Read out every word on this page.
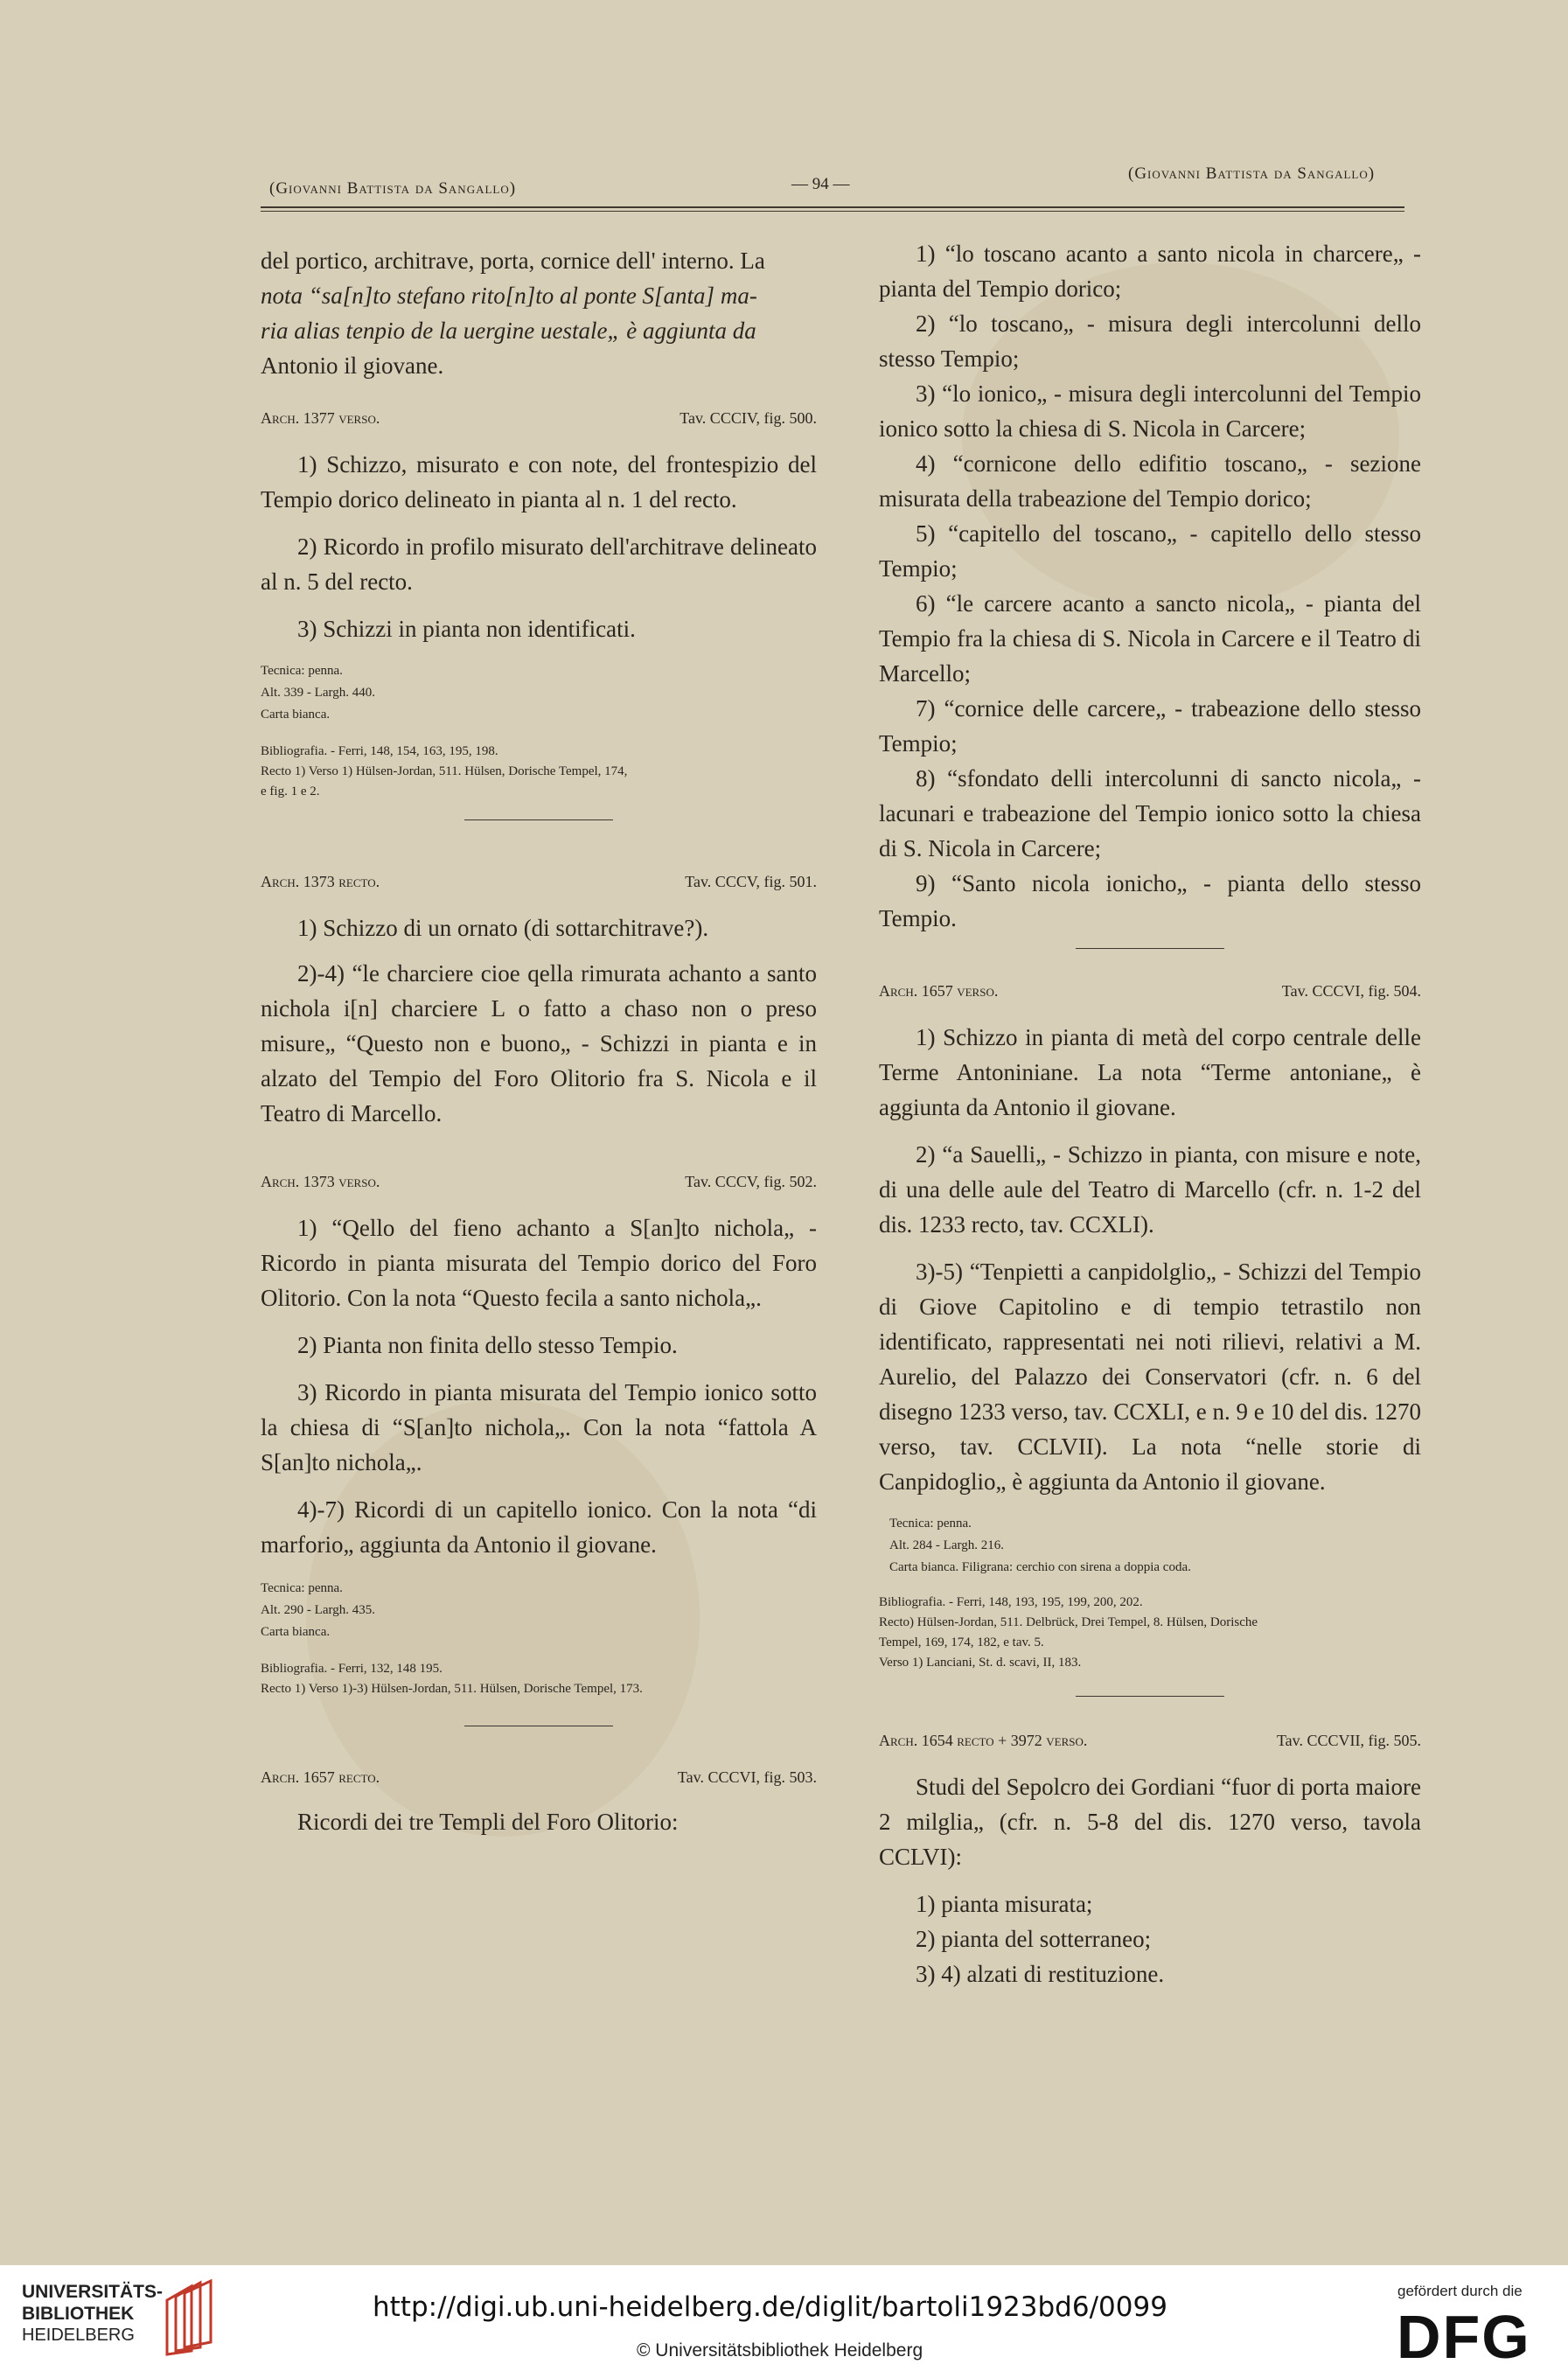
(Giovanni Battista da Sangallo)	— 94 —
(Giovanni Battista da Sangallo)

del portico, architrave, porta, cornice dell' interno. La

nota “sa[n]to stefano rito[n]to al ponte S[anta] ma-

ria alias tenpio de la uergine uestale„ è aggiunta da

Antonio il giovane.

Arch. 1377 verso.	Tav. CCCIV, fig. 500.

1) Schizzo, misurato e con note, del frontespizio del Tempio dorico delineato in pianta al n. 1 del recto.

2) Ricordo in profilo misurato dell'architrave delineato al n. 5 del recto.

3) Schizzi in pianta non identificati.

Tecnica: penna.

Alt. 339 - Largh. 440.

Carta bianca.

Bibliografia. - Ferri, 148, 154, 163, 195, 198.

Recto 1) Verso 1) Hülsen-Jordan, 511. Hülsen, Dorische Tempel, 174,

e fig. 1 e 2.

Arch. 1373 recto.	Tav. CCCV, fig. 501.

1) Schizzo di un ornato (di sottarchitrave?).

2)-4) “le charciere cioe qella rimurata achanto a santo nichola i[n] charciere L o fatto a chaso non o preso misure„ “Questo non e buono„ - Schizzi in pianta e in alzato del Tempio del Foro Olitorio fra S. Nicola e il Teatro di Marcello.

Arch. 1373 verso.	Tav. CCCV, fig. 502.

1) “Qello del fieno achanto a S[an]to nichola„ - Ricordo in pianta misurata del Tempio dorico del Foro Olitorio. Con la nota “Questo fecila a santo nichola„.

2) Pianta non finita dello stesso Tempio.

3) Ricordo in pianta misurata del Tempio ionico sotto la chiesa di “S[an]to nichola„. Con la nota “fattola A S[an]to nichola„.

4)-7) Ricordi di un capitello ionico. Con la nota “di marforio„ aggiunta da Antonio il giovane.

Tecnica: penna.

Alt. 290 - Largh. 435.

Carta bianca.

Bibliografia. - Ferri, 132, 148 195.

Recto 1) Verso 1)-3) Hülsen-Jordan, 511. Hülsen, Dorische Tempel, 173.

Arch. 1657 recto.	Tav. CCCVI, fig. 503.

Ricordi dei tre Templi del Foro Olitorio:

1) “lo toscano acanto a santo nicola in charcere„ - pianta del Tempio dorico;

2) “lo toscano„ - misura degli intercolunni dello stesso Tempio;

3) “lo ionico„ - misura degli intercolunni del Tempio ionico sotto la chiesa di S. Nicola in Carcere;

4) “cornicone dello edifitio toscano„ - sezione misurata della trabeazione del Tempio dorico;

5) “capitello del toscano„ - capitello dello stesso Tempio;

6) “le carcere acanto a sancto nicola„ - pianta del Tempio fra la chiesa di S. Nicola in Carcere e il Teatro di Marcello;

7) “cornice delle carcere„ - trabeazione dello stesso Tempio;

8) “sfondato delli intercolunni di sancto nicola„ - lacunari e trabeazione del Tempio ionico sotto la chiesa di S. Nicola in Carcere;

9) “Santo nicola ionicho„ - pianta dello stesso Tempio.

Arch. 1657 verso.	Tav. CCCVI, fig. 504.

1) Schizzo in pianta di metà del corpo centrale delle Terme Antoniniane. La nota “Terme antoniane„ è aggiunta da Antonio il giovane.

2) “a Sauelli„ - Schizzo in pianta, con misure e note, di una delle aule del Teatro di Marcello (cfr. n. 1-2 del dis. 1233 recto, tav. CCXLI).

3)-5) “Tenpietti a canpidolglio„ - Schizzi del Tempio di Giove Capitolino e di tempio tetrastilo non identificato, rappresentati nei noti rilievi, relativi a M. Aurelio, del Palazzo dei Conservatori (cfr. n. 6 del disegno 1233 verso, tav. CCXLI, e n. 9 e 10 del dis. 1270 verso, tav. CCLVII). La nota “nelle storie di Canpidoglio„ è aggiunta da Antonio il giovane.

Tecnica: penna.

Alt. 284 - Largh. 216.

Carta bianca. Filigrana: cerchio con sirena a doppia coda.

Bibliografia. - Ferri, 148, 193, 195, 199, 200, 202.

Recto) Hülsen-Jordan, 511. Delbrück, Drei Tempel, 8. Hülsen, Dorische

Tempel, 169, 174, 182, e tav. 5.

Verso 1) Lanciani, St. d. scavi, II, 183.

Arch. 1654 recto + 3972 verso.	Tav. CCCVII, fig. 505.

Studi del Sepolcro dei Gordiani “fuor di porta maiore 2 milglia„ (cfr. n. 5-8 del dis. 1270 verso, tavola CCLVI):

1) pianta misurata;

2) pianta del sotterraneo;

3) 4) alzati di restituzione.

UNIVERSITÄTS-
BIBLIOTHEK
HEIDELBERG
http://digi.ub.uni-heidelberg.de/diglit/bartoli1923bd6/0099
© Universitätsbibliothek Heidelberg
gefördert durch die
DFG
